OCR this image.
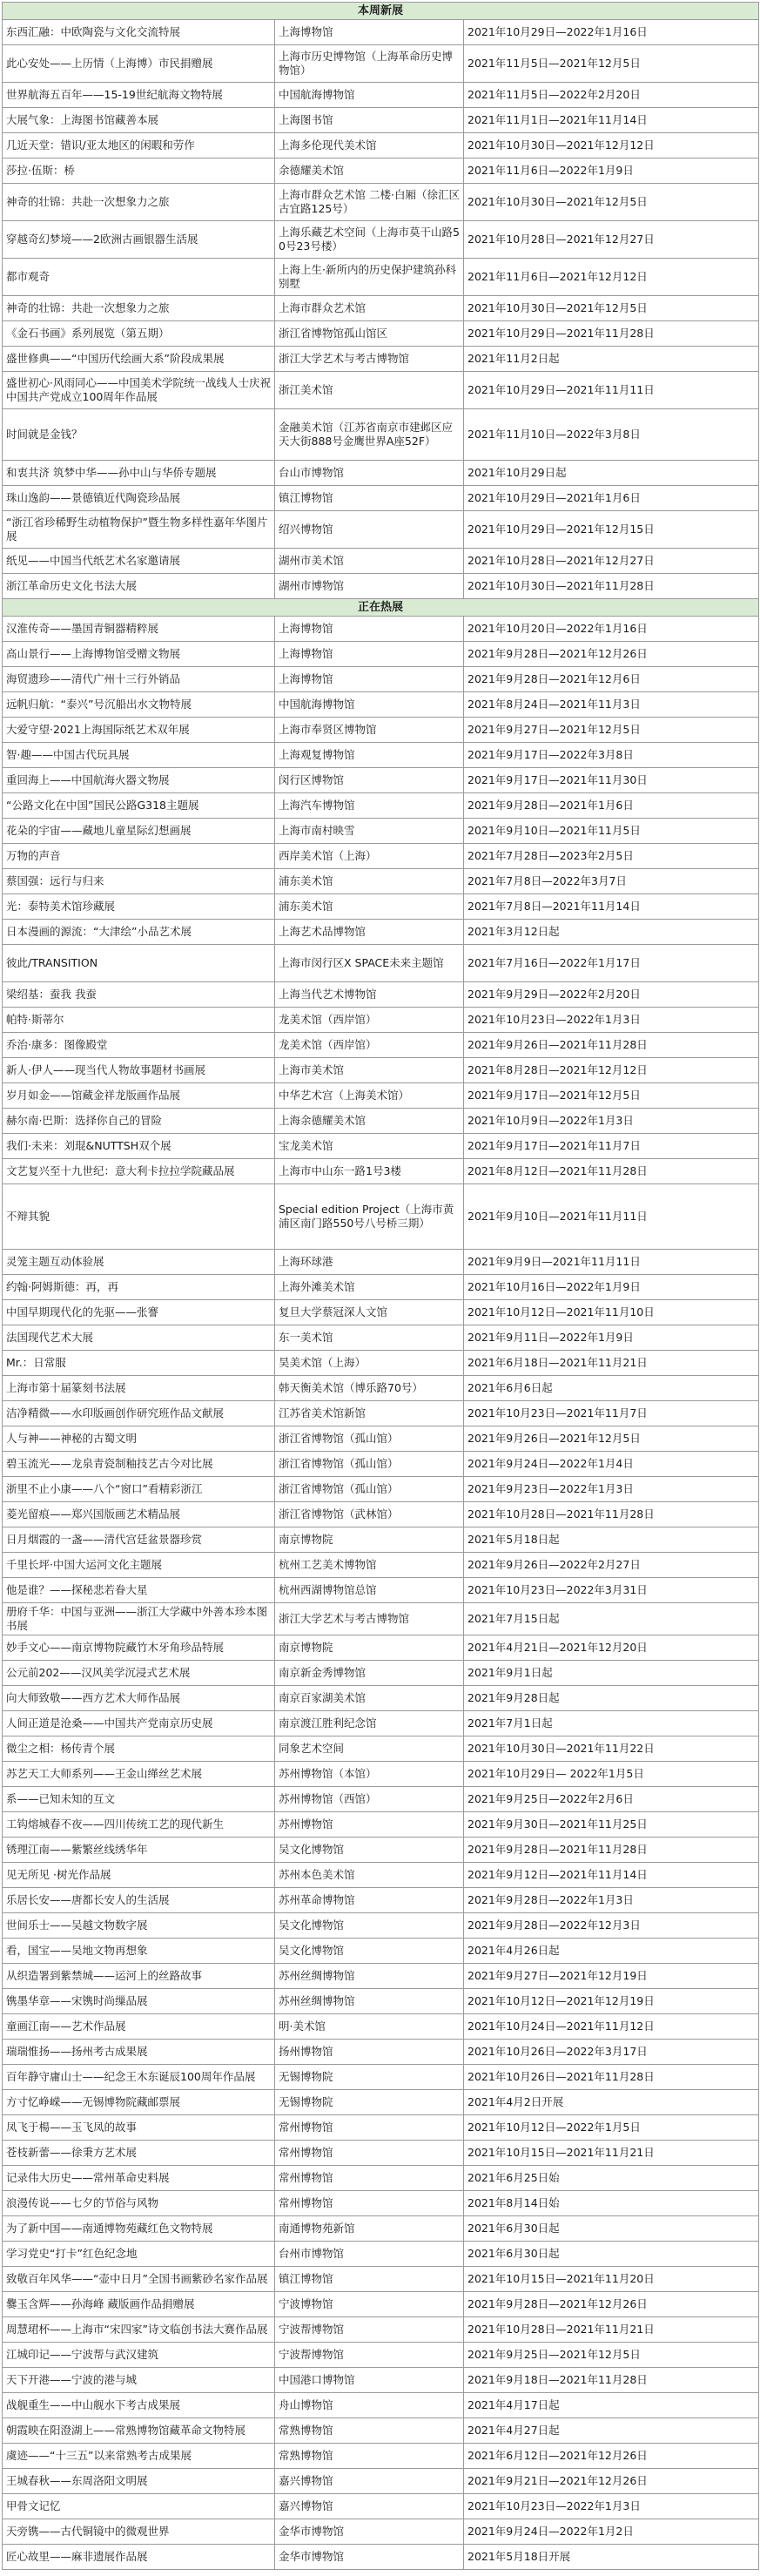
本周新展		
东西汇融：中欧陶瓷与文化交流特展	上海博物馆	2021年10月29日—2022年1月16日
此心安处——上历情（上海博）市民捐赠展	上海市历史博物馆（上海革命历史博物馆）	2021年11月5日—2021年12月5日
世界航海五百年——15-19世纪航海文物特展	中国航海博物馆	2021年11月5日—2022年2月20日
大展气象：上海图书馆藏善本展	上海图书馆	2021年11月1日—2021年11月14日
几近天堂：错识/亚太地区的闲暇和劳作	上海多伦现代美术馆	2021年10月30日—2021年12月12日
莎拉·伍斯：桥	余德耀美术馆	2021年11月6日—2022年1月9日
神奇的壮锦：共赴一次想象力之旅	上海市群众艺术馆 二楼·白厢（徐汇区古宜路125号）	2021年10月30日—2021年12月5日
穿越奇幻梦境——2欧洲古画银器生活展	上海乐藏艺术空间（上海市莫干山路50号23号楼）	2021年10月28日—2021年12月27日
都市观奇	上海上生·新所内的历史保护建筑孙科别墅	2021年11月6日—2021年12月12日
神奇的壮锦：共赴一次想象力之旅	上海市群众艺术馆	2021年10月30日—2021年12月5日
《金石书画》系列展览（第五期）	浙江省博物馆孤山馆区	2021年10月29日—2021年11月28日
盛世修典——“中国历代绘画大系”阶段成果展	浙江大学艺术与考古博物馆	2021年11月2日起
盛世初心·风雨同心——中国美术学院统一战线人士庆祝中国共产党成立100周年作品展	浙江美术馆	2021年10月29日—2021年11月11日
时间就是金钱？	金融美术馆（江苏省南京市建邺区应天大街888号金鹰世界A座52F）	2021年11月10日—2022年3月8日
和衷共济 筑梦中华——孙中山与华侨专题展	台山市博物馆	2021年10月29日起
珠山逸韵——景德镇近代陶瓷珍品展	镇江博物馆	2021年10月29日—2021年1月6日
“浙江省珍稀野生动植物保护”暨生物多样性嘉年华图片展	绍兴博物馆	2021年10月29日—2021年12月15日
纸见——中国当代纸艺术名家邀请展	湖州市美术馆	2021年10月28日—2021年12月27日
浙江革命历史文化书法大展	湖州市博物馆	2021年10月30日—2021年11月28日
正在热展		
汉淮传奇——墨国青铜器精粹展	上海博物馆	2021年10月20日—2022年1月16日
高山景行——上海博物馆受赠文物展	上海博物馆	2021年9月28日—2021年12月26日
海贸遗珍——清代广州十三行外销品	上海博物馆	2021年9月28日—2021年12月6日
远帆归航：“泰兴”号沉船出水文物特展	中国航海博物馆	2021年8月24日—2021年11月3日
大爱守望·2021上海国际纸艺术双年展	上海市奉贤区博物馆	2021年9月27日—2021年12月5日
智·趣——中国古代玩具展	上海观复博物馆	2021年9月17日—2022年3月8日
重回海上——中国航海火器文物展	闵行区博物馆	2021年9月17日—2021年11月30日
“公路文化在中国”国民公路G318主题展	上海汽车博物馆	2021年9月28日—2021年1月6日
花朵的宇宙——藏地儿童星际幻想画展	上海市南村映雪	2021年9月10日—2021年11月5日
万物的声音	西岸美术馆（上海）	2021年7月28日—2023年2月5日
蔡国强：远行与归来	浦东美术馆	2021年7月8日—2022年3月7日
光：泰特美术馆珍藏展	浦东美术馆	2021年7月8日—2021年11月14日
日本漫画的源流：“大津绘”小品艺术展	上海艺术品博物馆	2021年3月12日起
彼此/TRANSITION	上海市闵行区X SPACE未来主题馆	2021年7月16日—2022年1月17日
梁绍基：蚕我 我蚕	上海当代艺术博物馆	2021年9月29日—2022年2月20日
帕特·斯蒂尔	龙美术馆（西岸馆）	2021年10月23日—2022年1月3日
乔治·康多：图像殿堂	龙美术馆（西岸馆）	2021年9月26日—2021年11月28日
新人·伊人——现当代人物故事题材书画展	上海市美术馆	2021年8月28日—2021年12月12日
岁月如金——馆藏金祥龙版画作品展	中华艺术宫（上海美术馆）	2021年9月17日—2021年12月5日
赫尔南·巴斯：选择你自己的冒险	上海余德耀美术馆	2021年10月9日—2022年1月3日
我们·未来：刘琨&NUTTSH双个展	宝龙美术馆	2021年9月17日—2021年11月7日
文艺复兴至十九世纪：意大利卡拉拉学院藏品展	上海市中山东一路1号3楼	2021年8月12日—2021年11月28日
不辩其貌	Special edition Project（上海市黄浦区南门路550号八号桥三期）	2021年9月10日—2021年11月11日
灵笼主题互动体验展	上海环球港	2021年9月9日—2021年11月11日
约翰·阿姆斯德：再，再	上海外滩美术馆	2021年10月16日—2022年1月9日
中国早期现代化的先驱——张謇	复旦大学蔡冠深人文馆	2021年10月12日—2021年11月10日
法国现代艺术大展	东一美术馆	2021年9月11日—2022年1月9日
Mr.：日常服	昊美术馆（上海）	2021年6月18日—2021年11月21日
上海市第十届篆刻书法展	韩天衡美术馆（博乐路70号）	2021年6月6日起
洁净精微——水印版画创作研究班作品文献展	江苏省美术馆新馆	2021年10月23日—2021年11月7日
人与神——神秘的古蜀文明	浙江省博物馆（孤山馆）	2021年9月26日—2021年12月5日
碧玉流光——龙泉青瓷制釉技艺古今对比展	浙江省博物馆（孤山馆）	2021年9月24日—2022年1月4日
浙里不止小康——八个“窗口”看精彩浙江	浙江省博物馆（孤山馆）	2021年9月23日—2022年1月3日
菱光留痕——郑兴国版画艺术精品展	浙江省博物馆（武林馆）	2021年10月28日—2021年11月28日
日月烟霞的一盏——清代宫廷盆景器珍赏	南京博物院	2021年5月18日起
千里长坪·中国大运河文化主题展	杭州工艺美术博物馆	2021年9月26日—2022年2月27日
他是谁？——探秘悲若眷大星	杭州西湖博物馆总馆	2021年10月23日—2022年3月31日
册府千华：中国与亚洲——浙江大学藏中外善本珍本图书展	浙江大学艺术与考古博物馆	2021年7月15日起
妙手文心——南京博物院藏竹木牙角珍品特展	南京博物院	2021年4月21日—2021年12月20日
公元前202——汉风美学沉浸式艺术展	南京新金秀博物馆	2021年9月1日起
向大师致敬——西方艺术大师作品展	南京百家湖美术馆	2021年9月28日起
人间正道是沧桑——中国共产党南京历史展	南京渡江胜利纪念馆	2021年7月1日起
微尘之相：杨传青个展	同象艺术空间	2021年10月30日—2021年11月22日
苏艺天工大师系列——王金山缂丝艺术展	苏州博物馆（本馆）	2021年10月29日— 2022年1月5日
系——已知未知的互文	苏州博物馆（西馆）	2021年9月25日—2022年2月6日
工钩熔城春不夜——四川传统工艺的现代新生	苏州博物馆	2021年9月30日—2021年11月25日
锈理江南——紫繁丝线绣华年	吴文化博物馆	2021年9月28日—2021年11月28日
见无所见 ·树光作品展	苏州本色美术馆	2021年9月12日—2021年11月14日
乐居长安——唐都长安人的生活展	苏州革命博物馆	2021年9月28日—2022年1月3日
世间乐士——吴越文物数字展	吴文化博物馆	2021年9月28日—2022年12月3日
看，国宝——吴地文物再想象	吴文化博物馆	2021年4月26日起
从织造署到紫禁城——运河上的丝路故事	苏州丝绸博物馆	2021年9月27日—2021年12月19日
镌墨华章——宋镌时尚缫品展	苏州丝绸博物馆	2021年10月12日—2021年12月19日
童画江南——艺术作品展	明·美术馆	2021年10月24日—2021年11月12日
瑞瑞惟扬——扬州考古成果展	扬州博物馆	2021年10月26日—2022年3月17日
百年静守庸山士——纪念王木东诞辰100周年作品展	无锡博物院	2021年10月26日—2021年11月28日
方寸忆峥嵘——无锡博物院藏邮票展	无锡博物院	2021年4月2日开展
凤飞于楊——玉飞凤的故事	常州博物馆	2021年10月12日—2022年1月5日
苍枝新蕾——徐秉方艺术展	常州博物馆	2021年10月15日—2021年11月21日
记录伟大历史——常州革命史料展	常州博物馆	2021年6月25日始
浪漫传说——七夕的节俗与风物	常州博物馆	2021年8月14日始
为了新中国——南通博物苑藏红色文物特展	南通博物苑新馆	2021年6月30日起
学习党史“打卡”红色纪念地	台州市博物馆	2021年6月30日起
致敬百年风华——“壶中日月”全国书画紫砂名家作品展	镇江博物馆	2021年10月15日—2021年11月20日
爨玉含辉——孙海峰 藏版画作品捐赠展	宁波博物馆	2021年9月28日—2021年12月26日
周慧珺杯——上海市“宋四家”诗文临创书法大赛作品展	宁波帮博物馆	2021年10月28日—2021年11月21日
江城印记——宁波帮与武汉建筑	宁波帮博物馆	2021年9月25日—2021年12月5日
天下开港——宁波的港与城	中国港口博物馆	2021年9月18日—2021年11月28日
战舰重生——中山舰水下考古成果展	舟山博物馆	2021年4月17日起
朝霞映在阳澄湖上——常熟博物馆藏革命文物特展	常熟博物馆	2021年4月27日起
虞迹——“十三五”以来常熟考古成果展	常熟博物馆	2021年6月12日—2021年12月26日
王城春秋——东周洛阳文明展	嘉兴博物馆	2021年9月21日—2021年12月26日
甲骨文记忆	嘉兴博物馆	2021年10月23日—2022年1月3日
天旁镌——古代铜镜中的微观世界	金华市博物馆	2021年9月24日—2022年1月2日
匠心故里——麻非遗展作品展	金华市博物馆	2021年5月18日开展
